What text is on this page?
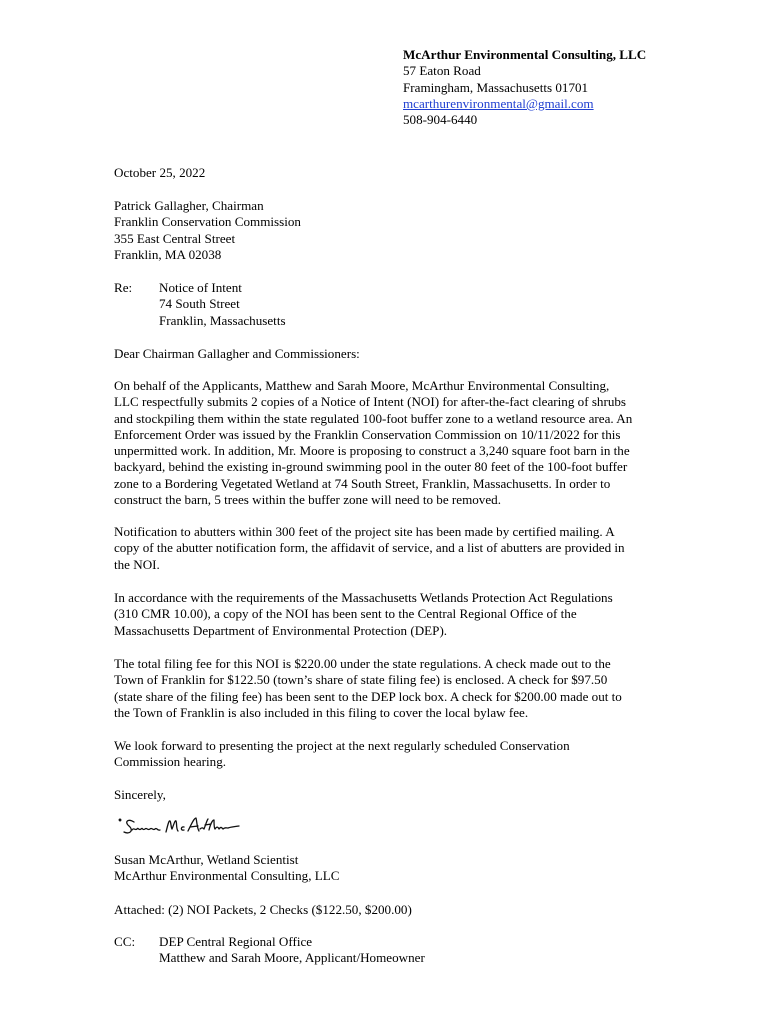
McArthur Environmental Consulting, LLC
57 Eaton Road
Framingham, Massachusetts 01701
mcarthurenvironmental@gmail.com
508-904-6440
October 25, 2022
Patrick Gallagher, Chairman
Franklin Conservation Commission
355 East Central Street
Franklin, MA 02038
Re: Notice of Intent
74 South Street
Franklin, Massachusetts
Dear Chairman Gallagher and Commissioners:
On behalf of the Applicants, Matthew and Sarah Moore, McArthur Environmental Consulting,
LLC respectfully submits 2 copies of a Notice of Intent (NOI) for after-the-fact clearing of shrubs
and stockpiling them within the state regulated 100-foot buffer zone to a wetland resource area. An
Enforcement Order was issued by the Franklin Conservation Commission on 10/11/2022 for this
unpermitted work. In addition, Mr. Moore is proposing to construct a 3,240 square foot barn in the
backyard, behind the existing in-ground swimming pool in the outer 80 feet of the 100-foot buffer
zone to a Bordering Vegetated Wetland at 74 South Street, Franklin, Massachusetts. In order to
construct the barn, 5 trees within the buffer zone will need to be removed.
Notification to abutters within 300 feet of the project site has been made by certified mailing. A
copy of the abutter notification form, the affidavit of service, and a list of abutters are provided in
the NOI.
In accordance with the requirements of the Massachusetts Wetlands Protection Act Regulations
(310 CMR 10.00), a copy of the NOI has been sent to the Central Regional Office of the
Massachusetts Department of Environmental Protection (DEP).
The total filing fee for this NOI is $220.00 under the state regulations. A check made out to the
Town of Franklin for $122.50 (town’s share of state filing fee) is enclosed. A check for $97.50
(state share of the filing fee) has been sent to the DEP lock box. A check for $200.00 made out to
the Town of Franklin is also included in this filing to cover the local bylaw fee.
We look forward to presenting the project at the next regularly scheduled Conservation
Commission hearing.
Sincerely,
Susan McArthur, Wetland Scientist
McArthur Environmental Consulting, LLC
Attached: (2) NOI Packets, 2 Checks ($122.50, $200.00)
CC: DEP Central Regional Office
Matthew and Sarah Moore, Applicant/Homeowner
